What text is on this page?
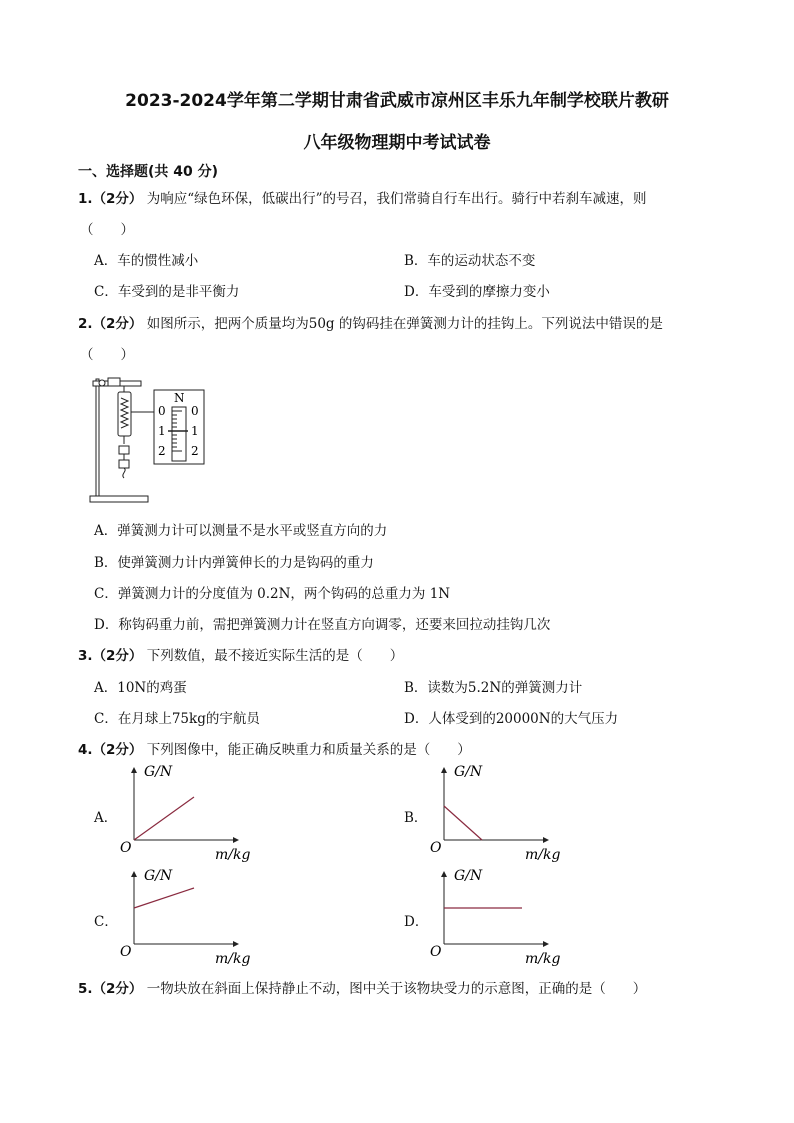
2023-2024学年第二学期甘肃省武威市凉州区丰乐九年制学校联片教研
八年级物理期中考试试卷
一、选择题(共 40 分)
1.（2分） 为响应“绿色环保，低碳出行”的号召，我们常骑自行车出行。骑行中若刹车减速，则
（　　）
A．车的惯性减小	B．车的运动状态不变
C．车受到的是非平衡力	D．车受到的摩擦力变小
2.（2分） 如图所示，把两个质量均为50g 的钩码挂在弹簧测力计的挂钩上。下列说法中错误的是
（　　）
N
0
1
2
0
1
2
A．弹簧测力计可以测量不是水平或竖直方向的力
B．使弹簧测力计内弹簧伸长的力是钩码的重力
C．弹簧测力计的分度值为 0.2N，两个钩码的总重力为 1N
D．称钩码重力前，需把弹簧测力计在竖直方向调零，还要来回拉动挂钩几次
3.（2分） 下列数值，最不接近实际生活的是（　　）
A．10N的鸡蛋	B．读数为5.2N的弹簧测力计
C．在月球上75kg的宇航员	D．人体受到的20000N的大气压力
4.（2分） 下列图像中，能正确反映重力和质量关系的是（　　）
A．	B．
C．	D．
G/N
m/kg
O
G/N
m/kg
O
G/N
m/kg
O
G/N
m/kg
O
5.（2分） 一物块放在斜面上保持静止不动，图中关于该物块受力的示意图，正确的是（　　）
